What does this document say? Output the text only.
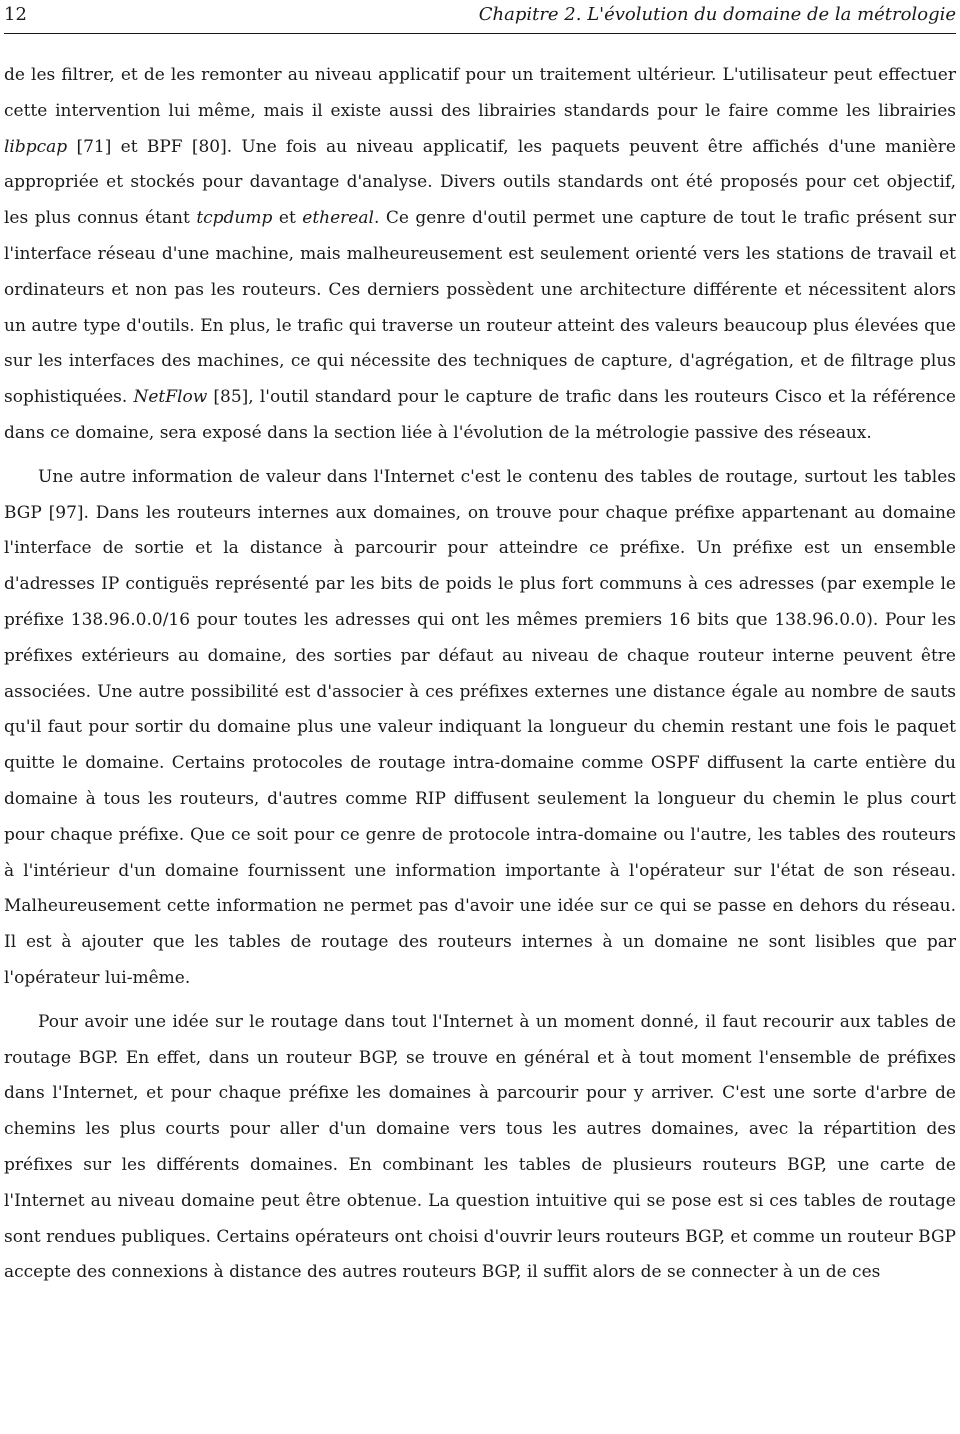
12	Chapitre 2. L'évolution du domaine de la métrologie

de les filtrer, et de les remonter au niveau applicatif pour un traitement ultérieur. L'utilisateur peut effectuer cette intervention lui même, mais il existe aussi des librairies standards pour le faire comme les librairies libpcap [71] et BPF [80]. Une fois au niveau applicatif, les paquets peuvent être affichés d'une manière appropriée et stockés pour davantage d'analyse. Divers outils standards ont été proposés pour cet objectif, les plus connus étant tcpdump et ethereal. Ce genre d'outil permet une capture de tout le trafic présent sur l'interface réseau d'une machine, mais malheureusement est seulement orienté vers les stations de travail et ordinateurs et non pas les routeurs. Ces derniers possèdent une architecture différente et nécessitent alors un autre type d'outils. En plus, le trafic qui traverse un routeur atteint des valeurs beaucoup plus élevées que sur les interfaces des machines, ce qui nécessite des techniques de capture, d'agrégation, et de filtrage plus sophistiquées. NetFlow [85], l'outil standard pour le capture de trafic dans les routeurs Cisco et la référence dans ce domaine, sera exposé dans la section liée à l'évolution de la métrologie passive des réseaux.

Une autre information de valeur dans l'Internet c'est le contenu des tables de routage, surtout les tables BGP [97]. Dans les routeurs internes aux domaines, on trouve pour chaque préfixe appartenant au domaine l'interface de sortie et la distance à parcourir pour atteindre ce préfixe. Un préfixe est un ensemble d'adresses IP contiguës représenté par les bits de poids le plus fort communs à ces adresses (par exemple le préfixe 138.96.0.0/16 pour toutes les adresses qui ont les mêmes premiers 16 bits que 138.96.0.0). Pour les préfixes extérieurs au domaine, des sorties par défaut au niveau de chaque routeur interne peuvent être associées. Une autre possibilité est d'associer à ces préfixes externes une distance égale au nombre de sauts qu'il faut pour sortir du domaine plus une valeur indiquant la longueur du chemin restant une fois le paquet quitte le domaine. Certains protocoles de routage intra-domaine comme OSPF diffusent la carte entière du domaine à tous les routeurs, d'autres comme RIP diffusent seulement la longueur du chemin le plus court pour chaque préfixe. Que ce soit pour ce genre de protocole intra-domaine ou l'autre, les tables des routeurs à l'intérieur d'un domaine fournissent une information importante à l'opérateur sur l'état de son réseau. Malheureusement cette information ne permet pas d'avoir une idée sur ce qui se passe en dehors du réseau. Il est à ajouter que les tables de routage des routeurs internes à un domaine ne sont lisibles que par l'opérateur lui-même.

Pour avoir une idée sur le routage dans tout l'Internet à un moment donné, il faut recourir aux tables de routage BGP. En effet, dans un routeur BGP, se trouve en général et à tout moment l'ensemble de préfixes dans l'Internet, et pour chaque préfixe les domaines à parcourir pour y arriver. C'est une sorte d'arbre de chemins les plus courts pour aller d'un domaine vers tous les autres domaines, avec la répartition des préfixes sur les différents domaines. En combinant les tables de plusieurs routeurs BGP, une carte de l'Internet au niveau domaine peut être obtenue. La question intuitive qui se pose est si ces tables de routage sont rendues publiques. Certains opérateurs ont choisi d'ouvrir leurs routeurs BGP, et comme un routeur BGP accepte des connexions à distance des autres routeurs BGP, il suffit alors de se connecter à un de ces
